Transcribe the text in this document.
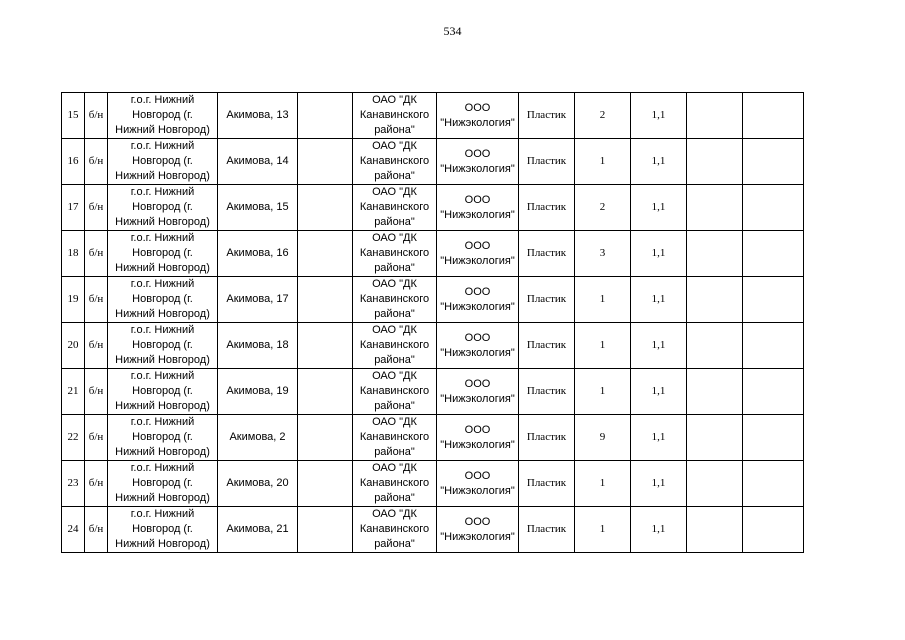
534
15	б/н	г.о.г. Нижний
Новгород (г.
Нижний Новгород)	Акимова, 13		ОАО "ДК
Канавинского
района"	ООО
"Нижэкология"	Пластик	2	1,1		
16	б/н	г.о.г. Нижний
Новгород (г.
Нижний Новгород)	Акимова, 14		ОАО "ДК
Канавинского
района"	ООО
"Нижэкология"	Пластик	1	1,1		
17	б/н	г.о.г. Нижний
Новгород (г.
Нижний Новгород)	Акимова, 15		ОАО "ДК
Канавинского
района"	ООО
"Нижэкология"	Пластик	2	1,1		
18	б/н	г.о.г. Нижний
Новгород (г.
Нижний Новгород)	Акимова, 16		ОАО "ДК
Канавинского
района"	ООО
"Нижэкология"	Пластик	3	1,1		
19	б/н	г.о.г. Нижний
Новгород (г.
Нижний Новгород)	Акимова, 17		ОАО "ДК
Канавинского
района"	ООО
"Нижэкология"	Пластик	1	1,1		
20	б/н	г.о.г. Нижний
Новгород (г.
Нижний Новгород)	Акимова, 18		ОАО "ДК
Канавинского
района"	ООО
"Нижэкология"	Пластик	1	1,1		
21	б/н	г.о.г. Нижний
Новгород (г.
Нижний Новгород)	Акимова, 19		ОАО "ДК
Канавинского
района"	ООО
"Нижэкология"	Пластик	1	1,1		
22	б/н	г.о.г. Нижний
Новгород (г.
Нижний Новгород)	Акимова, 2		ОАО "ДК
Канавинского
района"	ООО
"Нижэкология"	Пластик	9	1,1		
23	б/н	г.о.г. Нижний
Новгород (г.
Нижний Новгород)	Акимова, 20		ОАО "ДК
Канавинского
района"	ООО
"Нижэкология"	Пластик	1	1,1		
24	б/н	г.о.г. Нижний
Новгород (г.
Нижний Новгород)	Акимова, 21		ОАО "ДК
Канавинского
района"	ООО
"Нижэкология"	Пластик	1	1,1		
